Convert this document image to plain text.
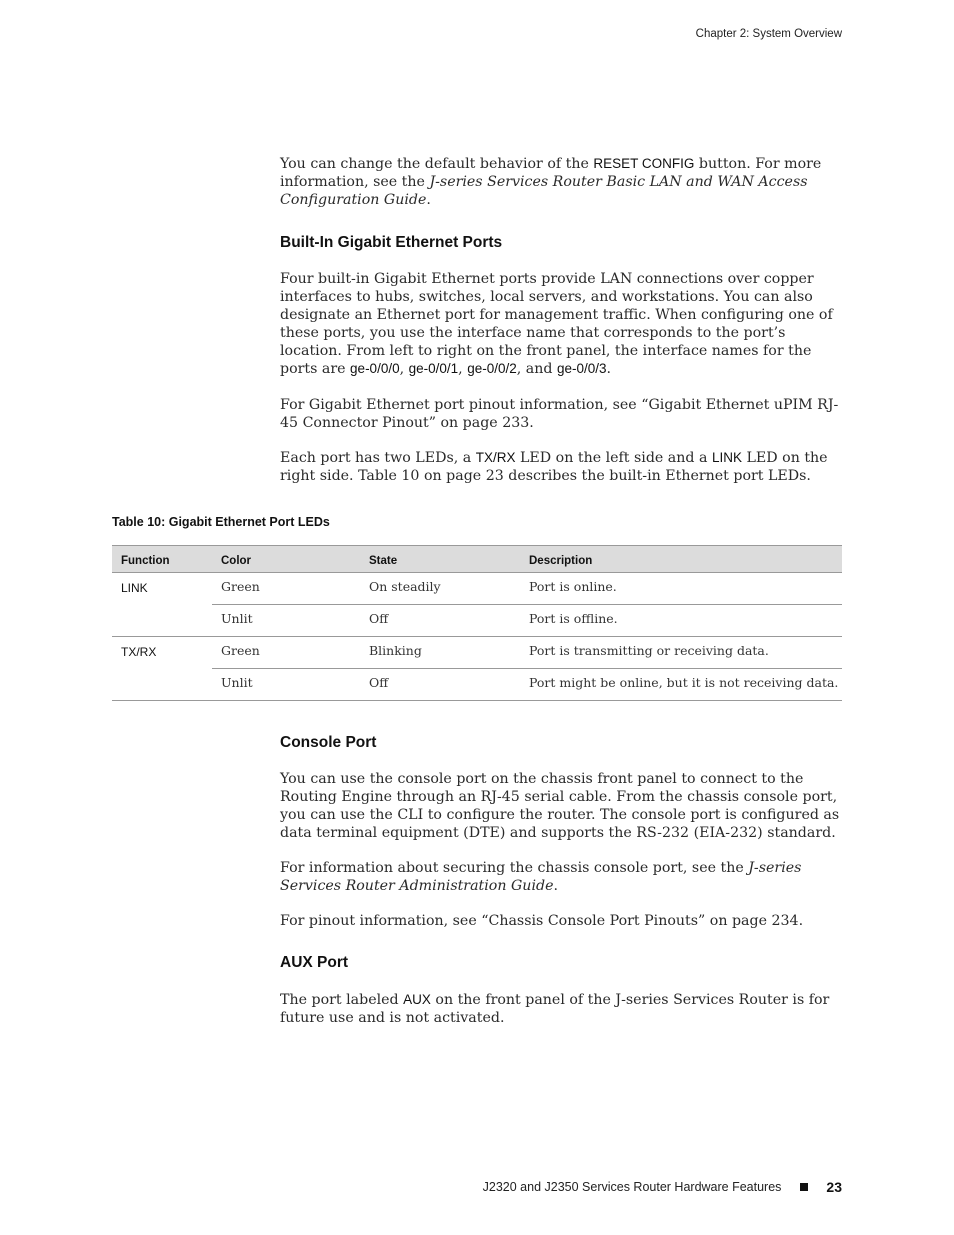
Chapter 2: System Overview

You can change the default behavior of the RESET CONFIG button. For more information, see the J-series Services Router Basic LAN and WAN Access Configuration Guide.

Built-In Gigabit Ethernet Ports

Four built-in Gigabit Ethernet ports provide LAN connections over copper interfaces to hubs, switches, local servers, and workstations. You can also designate an Ethernet port for management traffic. When configuring one of these ports, you use the interface name that corresponds to the port’s location. From left to right on the front panel, the interface names for the ports are ge-0/0/0, ge-0/0/1, ge-0/0/2, and ge-0/0/3.

For Gigabit Ethernet port pinout information, see “Gigabit Ethernet uPIM RJ-45 Connector Pinout” on page 233.

Each port has two LEDs, a TX/RX LED on the left side and a LINK LED on the right side. Table 10 on page 23 describes the built-in Ethernet port LEDs.

Table 10: Gigabit Ethernet Port LEDs
Function	Color	State	Description
LINK	Green	On steadily	Port is online.
	Unlit	Off	Port is offline.
TX/RX	Green	Blinking	Port is transmitting or receiving data.
	Unlit	Off	Port might be online, but it is not receiving data.
Console Port

You can use the console port on the chassis front panel to connect to the Routing Engine through an RJ-45 serial cable. From the chassis console port, you can use the CLI to configure the router. The console port is configured as data terminal equipment (DTE) and supports the RS-232 (EIA-232) standard.

For information about securing the chassis console port, see the J-series Services Router Administration Guide.

For pinout information, see “Chassis Console Port Pinouts” on page 234.

AUX Port

The port labeled AUX on the front panel of the J-series Services Router is for future use and is not activated.

J2320 and J2350 Services Router Hardware Features	23
